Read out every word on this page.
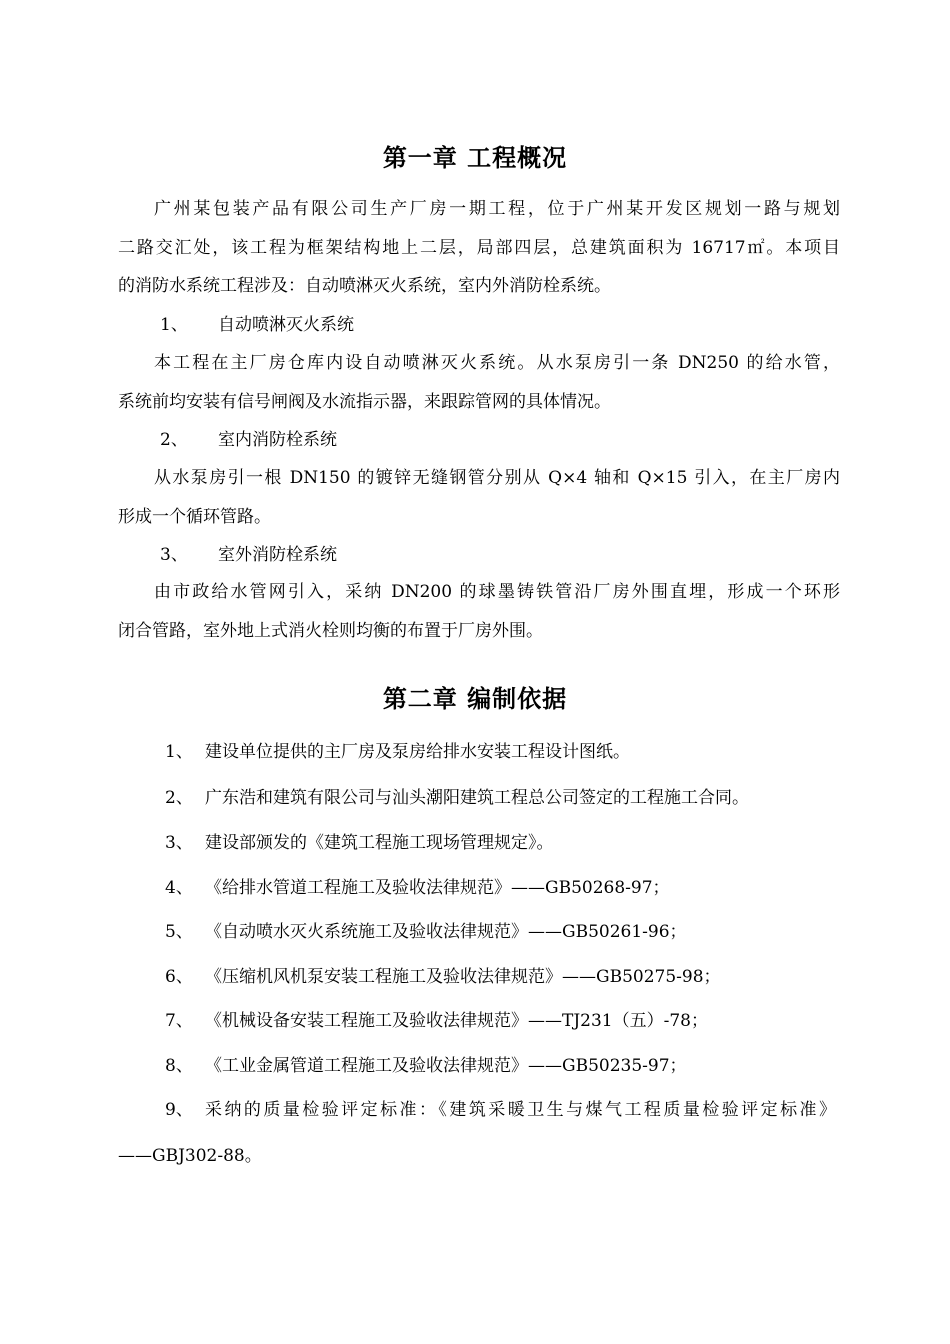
第一章 工程概况
广州某包装产品有限公司生产厂房一期工程，位于广州某开发区规划一路与规划
二路交汇处，该工程为框架结构地上二层，局部四层，总建筑面积为 16717㎡。本项目
的消防水系统工程涉及：自动喷淋灭火系统，室内外消防栓系统。
1、 自动喷淋灭火系统
本工程在主厂房仓库内设自动喷淋灭火系统。从水泵房引一条 DN250 的给水管，
系统前均安装有信号闸阀及水流指示器，来跟踪管网的具体情况。
2、 室内消防栓系统
从水泵房引一根 DN150 的镀锌无缝钢管分别从 Q×4 轴和 Q×15 引入，在主厂房内
形成一个循环管路。
3、 室外消防栓系统
由市政给水管网引入，采纳 DN200 的球墨铸铁管沿厂房外围直埋，形成一个环形
闭合管路，室外地上式消火栓则均衡的布置于厂房外围。
第二章 编制依据
1、 建设单位提供的主厂房及泵房给排水安装工程设计图纸。
2、 广东浩和建筑有限公司与汕头潮阳建筑工程总公司签定的工程施工合同。
3、 建设部颁发的《建筑工程施工现场管理规定》。
4、 《给排水管道工程施工及验收法律规范》——GB50268-97；
5、 《自动喷水灭火系统施工及验收法律规范》——GB50261-96；
6、 《压缩机风机泵安装工程施工及验收法律规范》——GB50275-98；
7、 《机械设备安装工程施工及验收法律规范》——TJ231（五）-78；
8、 《工业金属管道工程施工及验收法律规范》——GB50235-97；
9、 采纳的质量检验评定标准：《建筑采暖卫生与煤气工程质量检验评定标准》
——GBJ302-88。
